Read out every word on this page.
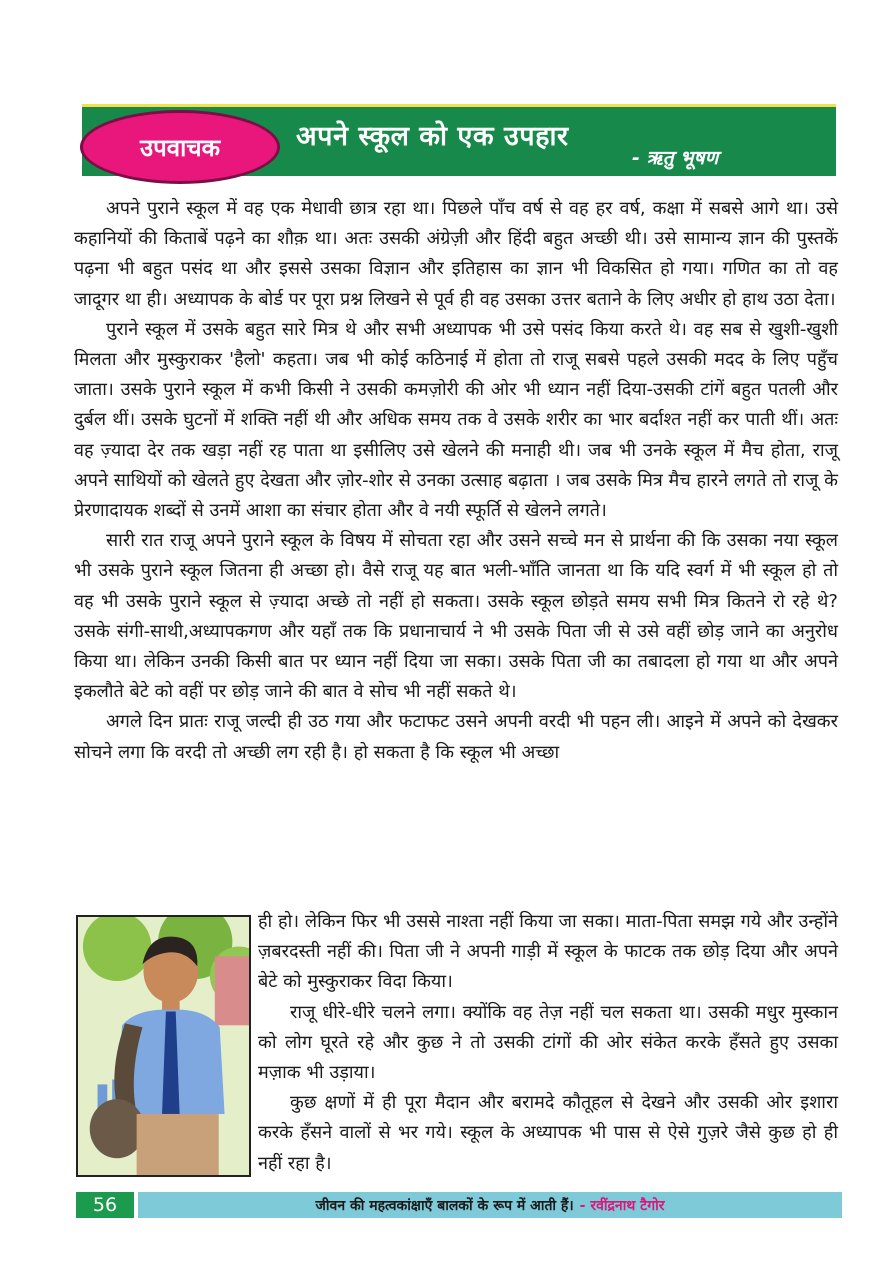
उपवाचक	अपने स्कूल को एक उपहार
- ऋतु भूषण

अपने पुराने स्कूल में वह एक मेधावी छात्र रहा था। पिछले पाँच वर्ष से वह हर वर्ष, कक्षा में सबसे आगे था। उसे कहानियों की किताबें पढ़ने का शौक़ था। अतः उसकी अंग्रेज़ी और हिंदी बहुत अच्छी थी। उसे सामान्य ज्ञान की पुस्तकें पढ़ना भी बहुत पसंद था और इससे उसका विज्ञान और इतिहास का ज्ञान भी विकसित हो गया। गणित का तो वह जादूगर था ही। अध्यापक के बोर्ड पर पूरा प्रश्न लिखने से पूर्व ही वह उसका उत्तर बताने के लिए अधीर हो हाथ उठा देता।

पुराने स्कूल में उसके बहुत सारे मित्र थे और सभी अध्यापक भी उसे पसंद किया करते थे। वह सब से खुशी-खुशी मिलता और मुस्कुराकर 'हैलो' कहता। जब भी कोई कठिनाई में होता तो राजू सबसे पहले उसकी मदद के लिए पहुँच जाता। उसके पुराने स्कूल में कभी किसी ने उसकी कमज़ोरी की ओर भी ध्यान नहीं दिया-उसकी टांगें बहुत पतली और दुर्बल थीं। उसके घुटनों में शक्ति नहीं थी और अधिक समय तक वे उसके शरीर का भार बर्दाश्त नहीं कर पाती थीं। अतः वह ज़्यादा देर तक खड़ा नहीं रह पाता था इसीलिए उसे खेलने की मनाही थी। जब भी उनके स्कूल में मैच होता, राजू अपने साथियों को खेलते हुए देखता और ज़ोर-शोर से उनका उत्साह बढ़ाता । जब उसके मित्र मैच हारने लगते तो राजू के प्रेरणादायक शब्दों से उनमें आशा का संचार होता और वे नयी स्फूर्ति से खेलने लगते।

सारी रात राजू अपने पुराने स्कूल के विषय में सोचता रहा और उसने सच्चे मन से प्रार्थना की कि उसका नया स्कूल भी उसके पुराने स्कूल जितना ही अच्छा हो। वैसे राजू यह बात भली-भाँति जानता था कि यदि स्वर्ग में भी स्कूल हो तो वह भी उसके पुराने स्कूल से ज़्यादा अच्छे तो नहीं हो सकता। उसके स्कूल छोड़ते समय सभी मित्र कितने रो रहे थे? उसके संगी-साथी,अध्यापकगण और यहाँ तक कि प्रधानाचार्य ने भी उसके पिता जी से उसे वहीं छोड़ जाने का अनुरोध किया था। लेकिन उनकी किसी बात पर ध्यान नहीं दिया जा सका। उसके पिता जी का तबादला हो गया था और अपने इकलौते बेटे को वहीं पर छोड़ जाने की बात वे सोच भी नहीं सकते थे।

अगले दिन प्रातः राजू जल्दी ही उठ गया और फटाफट उसने अपनी वरदी भी पहन ली। आइने में अपने को देखकर सोचने लगा कि वरदी तो अच्छी लग रही है। हो सकता है कि स्कूल भी अच्छा

ही हो। लेकिन फिर भी उससे नाश्ता नहीं किया जा सका। माता-पिता समझ गये और उन्होंने ज़बरदस्ती नहीं की। पिता जी ने अपनी गाड़ी में स्कूल के फाटक तक छोड़ दिया और अपने बेटे को मुस्कुराकर विदा किया।

राजू धीरे-धीरे चलने लगा। क्योंकि वह तेज़ नहीं चल सकता था। उसकी मधुर मुस्कान को लोग घूरते रहे और कुछ ने तो उसकी टांगों की ओर संकेत करके हँसते हुए उसका मज़ाक भी उड़ाया।

कुछ क्षणों में ही पूरा मैदान और बरामदे कौतूहल से देखने और उसकी ओर इशारा करके हँसने वालों से भर गये। स्कूल के अध्यापक भी पास से ऐसे गुज़रे जैसे कुछ हो ही नहीं रहा है।

56	जीवन की महत्वकांक्षाएँ बालकों के रूप में आती हैं। - रवींद्रनाथ टैगोर
